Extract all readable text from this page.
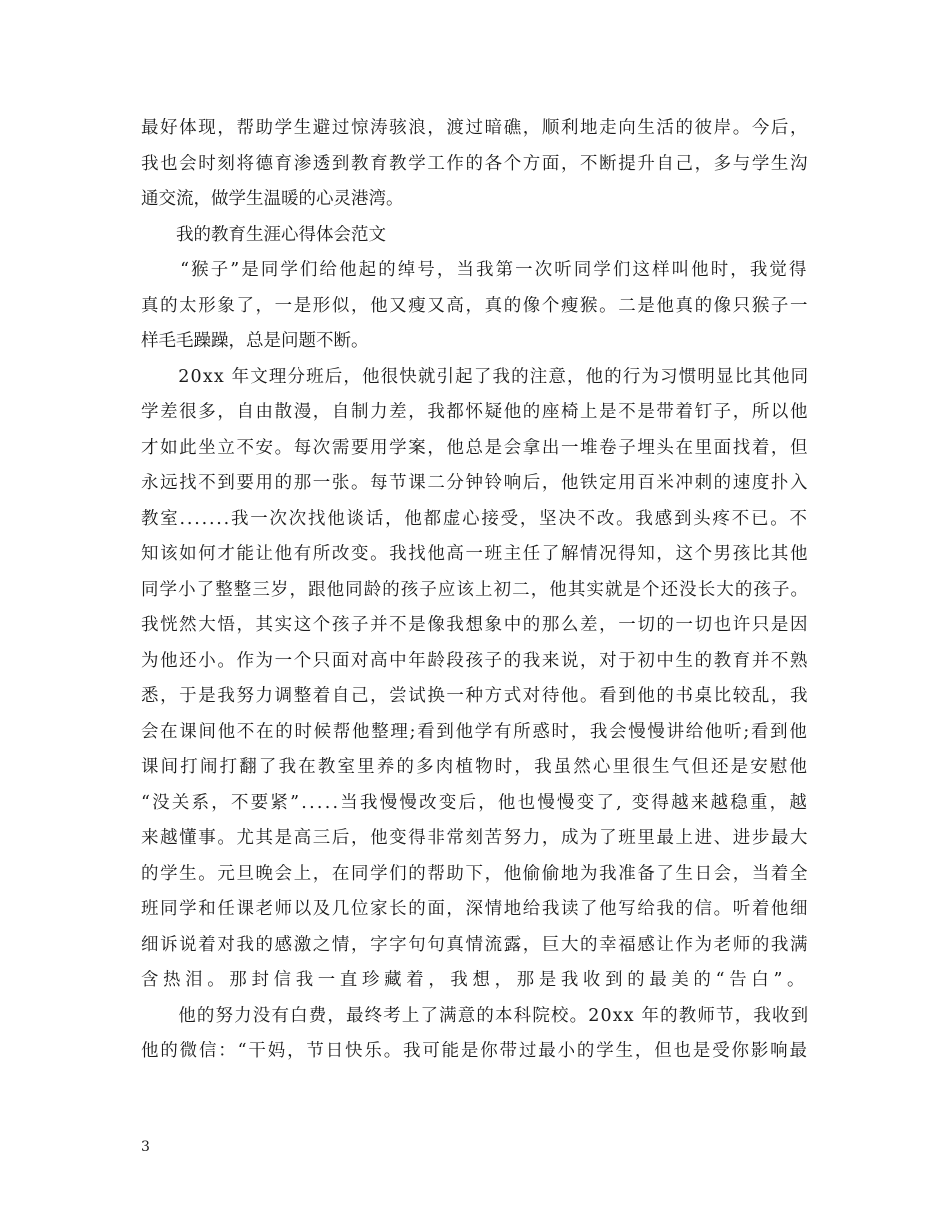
最好体现，帮助学生避过惊涛骇浪，渡过暗礁，顺利地走向生活的彼岸。今后，
我也会时刻将德育渗透到教育教学工作的各个方面，不断提升自己，多与学生沟
通交流，做学生温暖的心灵港湾。
　　我的教育生涯心得体会范文
　　“猴子”是同学们给他起的绰号，当我第一次听同学们这样叫他时，我觉得
真的太形象了，一是形似，他又瘦又高，真的像个瘦猴。二是他真的像只猴子一
样毛毛躁躁，总是问题不断。
　　20xx 年文理分班后，他很快就引起了我的注意，他的行为习惯明显比其他同
学差很多，自由散漫，自制力差，我都怀疑他的座椅上是不是带着钉子，所以他
才如此坐立不安。每次需要用学案，他总是会拿出一堆卷子埋头在里面找着，但
永远找不到要用的那一张。每节课二分钟铃响后，他铁定用百米冲刺的速度扑入
教室.......我一次次找他谈话，他都虚心接受，坚决不改。我感到头疼不已。不
知该如何才能让他有所改变。我找他高一班主任了解情况得知，这个男孩比其他
同学小了整整三岁，跟他同龄的孩子应该上初二，他其实就是个还没长大的孩子。
我恍然大悟，其实这个孩子并不是像我想象中的那么差，一切的一切也许只是因
为他还小。作为一个只面对高中年龄段孩子的我来说，对于初中生的教育并不熟
悉，于是我努力调整着自己，尝试换一种方式对待他。看到他的书桌比较乱，我
会在课间他不在的时候帮他整理;看到他学有所惑时，我会慢慢讲给他听;看到他
课间打闹打翻了我在教室里养的多肉植物时，我虽然心里很生气但还是安慰他
“没关系，不要紧”.....当我慢慢改变后，他也慢慢变了, 变得越来越稳重，越
来越懂事。尤其是高三后，他变得非常刻苦努力，成为了班里最上进、进步最大
的学生。元旦晚会上，在同学们的帮助下，他偷偷地为我准备了生日会，当着全
班同学和任课老师以及几位家长的面，深情地给我读了他写给我的信。听着他细
细诉说着对我的感激之情，字字句句真情流露，巨大的幸福感让作为老师的我满
含热泪。那封信我一直珍藏着，我想，那是我收到的最美的“告白”。
　　他的努力没有白费，最终考上了满意的本科院校。20xx 年的教师节，我收到
他的微信：“干妈，节日快乐。我可能是你带过最小的学生，但也是受你影响最
3
